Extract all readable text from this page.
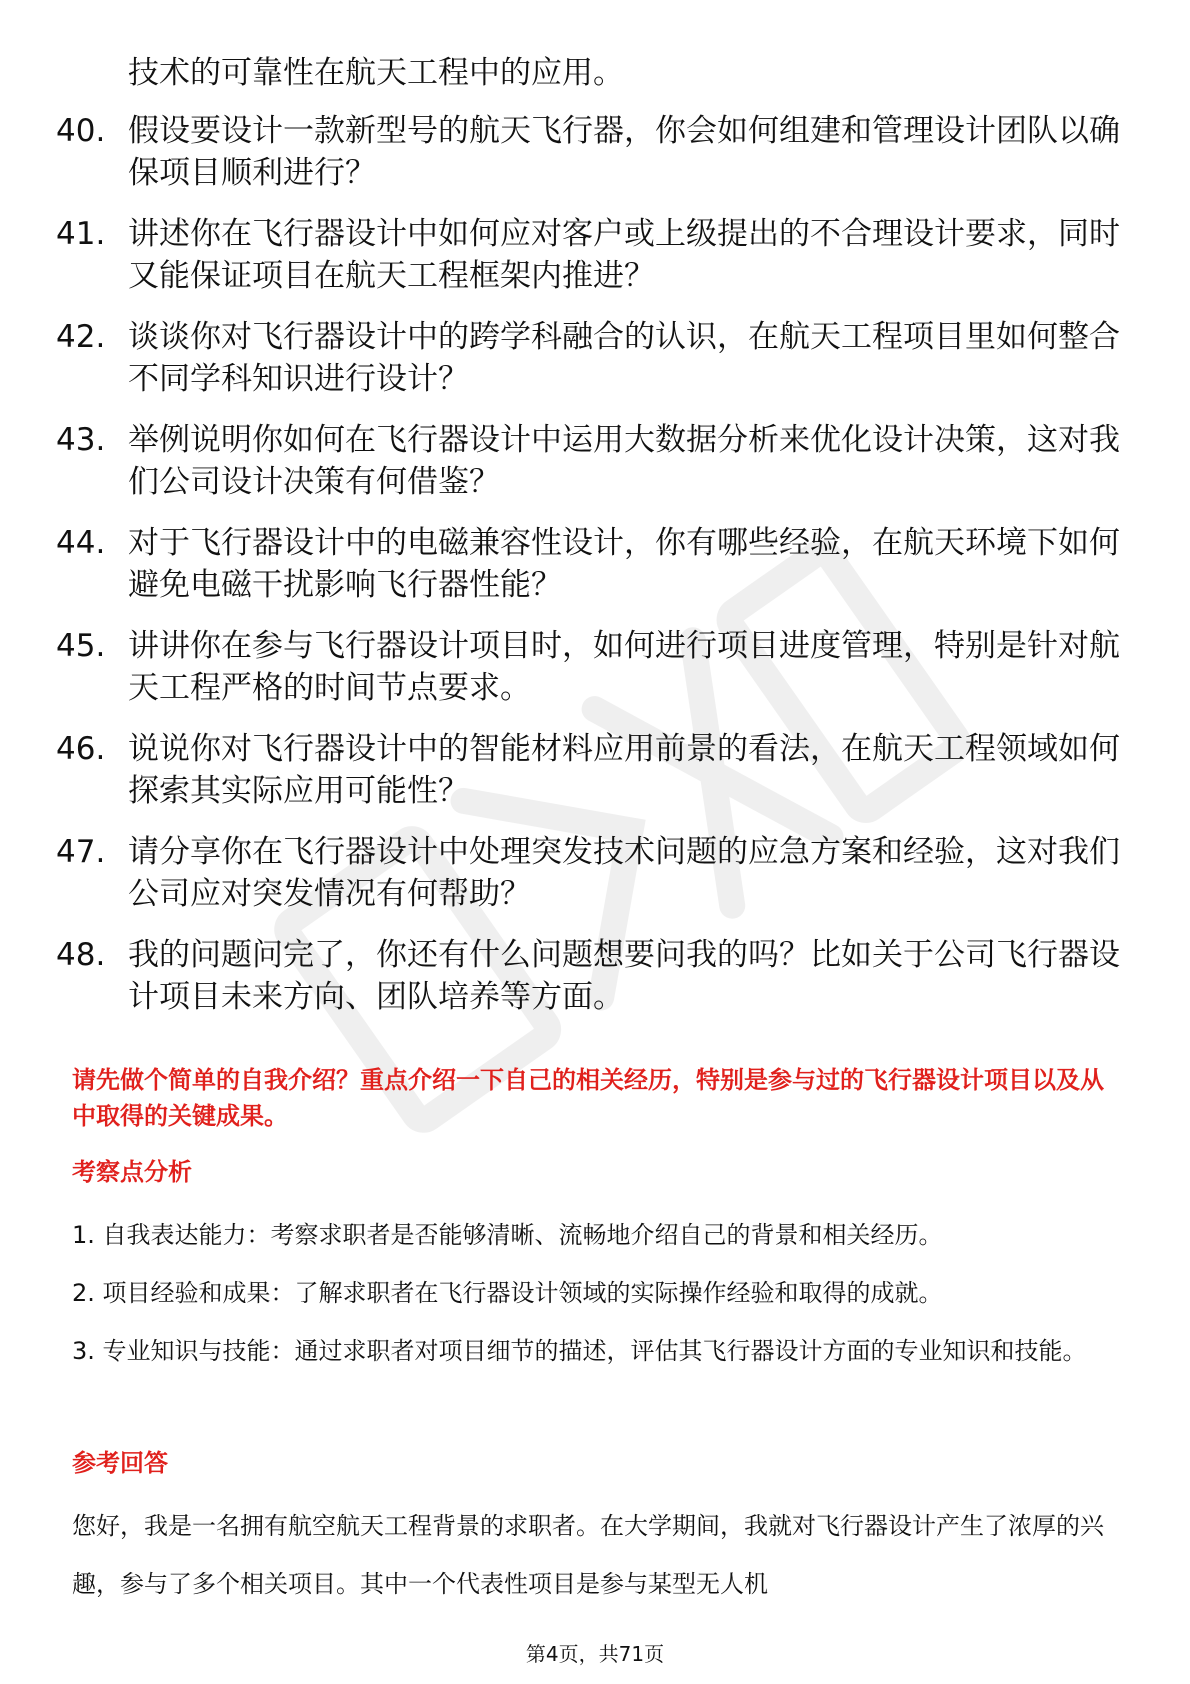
技术的可靠性在航天工程中的应用。

40. 假设要设计一款新型号的航天飞行器，你会如何组建和管理设计团队以确保项目顺利进行？
41. 讲述你在飞行器设计中如何应对客户或上级提出的不合理设计要求，同时又能保证项目在航天工程框架内推进？
42. 谈谈你对飞行器设计中的跨学科融合的认识，在航天工程项目里如何整合不同学科知识进行设计？
43. 举例说明你如何在飞行器设计中运用大数据分析来优化设计决策，这对我们公司设计决策有何借鉴？
44. 对于飞行器设计中的电磁兼容性设计，你有哪些经验，在航天环境下如何避免电磁干扰影响飞行器性能？
45. 讲讲你在参与飞行器设计项目时，如何进行项目进度管理，特别是针对航天工程严格的时间节点要求。
46. 说说你对飞行器设计中的智能材料应用前景的看法，在航天工程领域如何探索其实际应用可能性？
47. 请分享你在飞行器设计中处理突发技术问题的应急方案和经验，这对我们公司应对突发情况有何帮助？
48. 我的问题问完了，你还有什么问题想要问我的吗？比如关于公司飞行器设计项目未来方向、团队培养等方面。

请先做个简单的自我介绍？重点介绍一下自己的相关经历，特别是参与过的飞行器设计项目以及从中取得的关键成果。

考察点分析
1. 自我表达能力：考察求职者是否能够清晰、流畅地介绍自己的背景和相关经历。
2. 项目经验和成果：了解求职者在飞行器设计领域的实际操作经验和取得的成就。
3. 专业知识与技能：通过求职者对项目细节的描述，评估其飞行器设计方面的专业知识和技能。
参考回答

您好，我是一名拥有航空航天工程背景的求职者。在大学期间，我就对飞行器设计产生了浓厚的兴趣，参与了多个相关项目。其中一个代表性项目是参与某型无人机

第4页，共71页
